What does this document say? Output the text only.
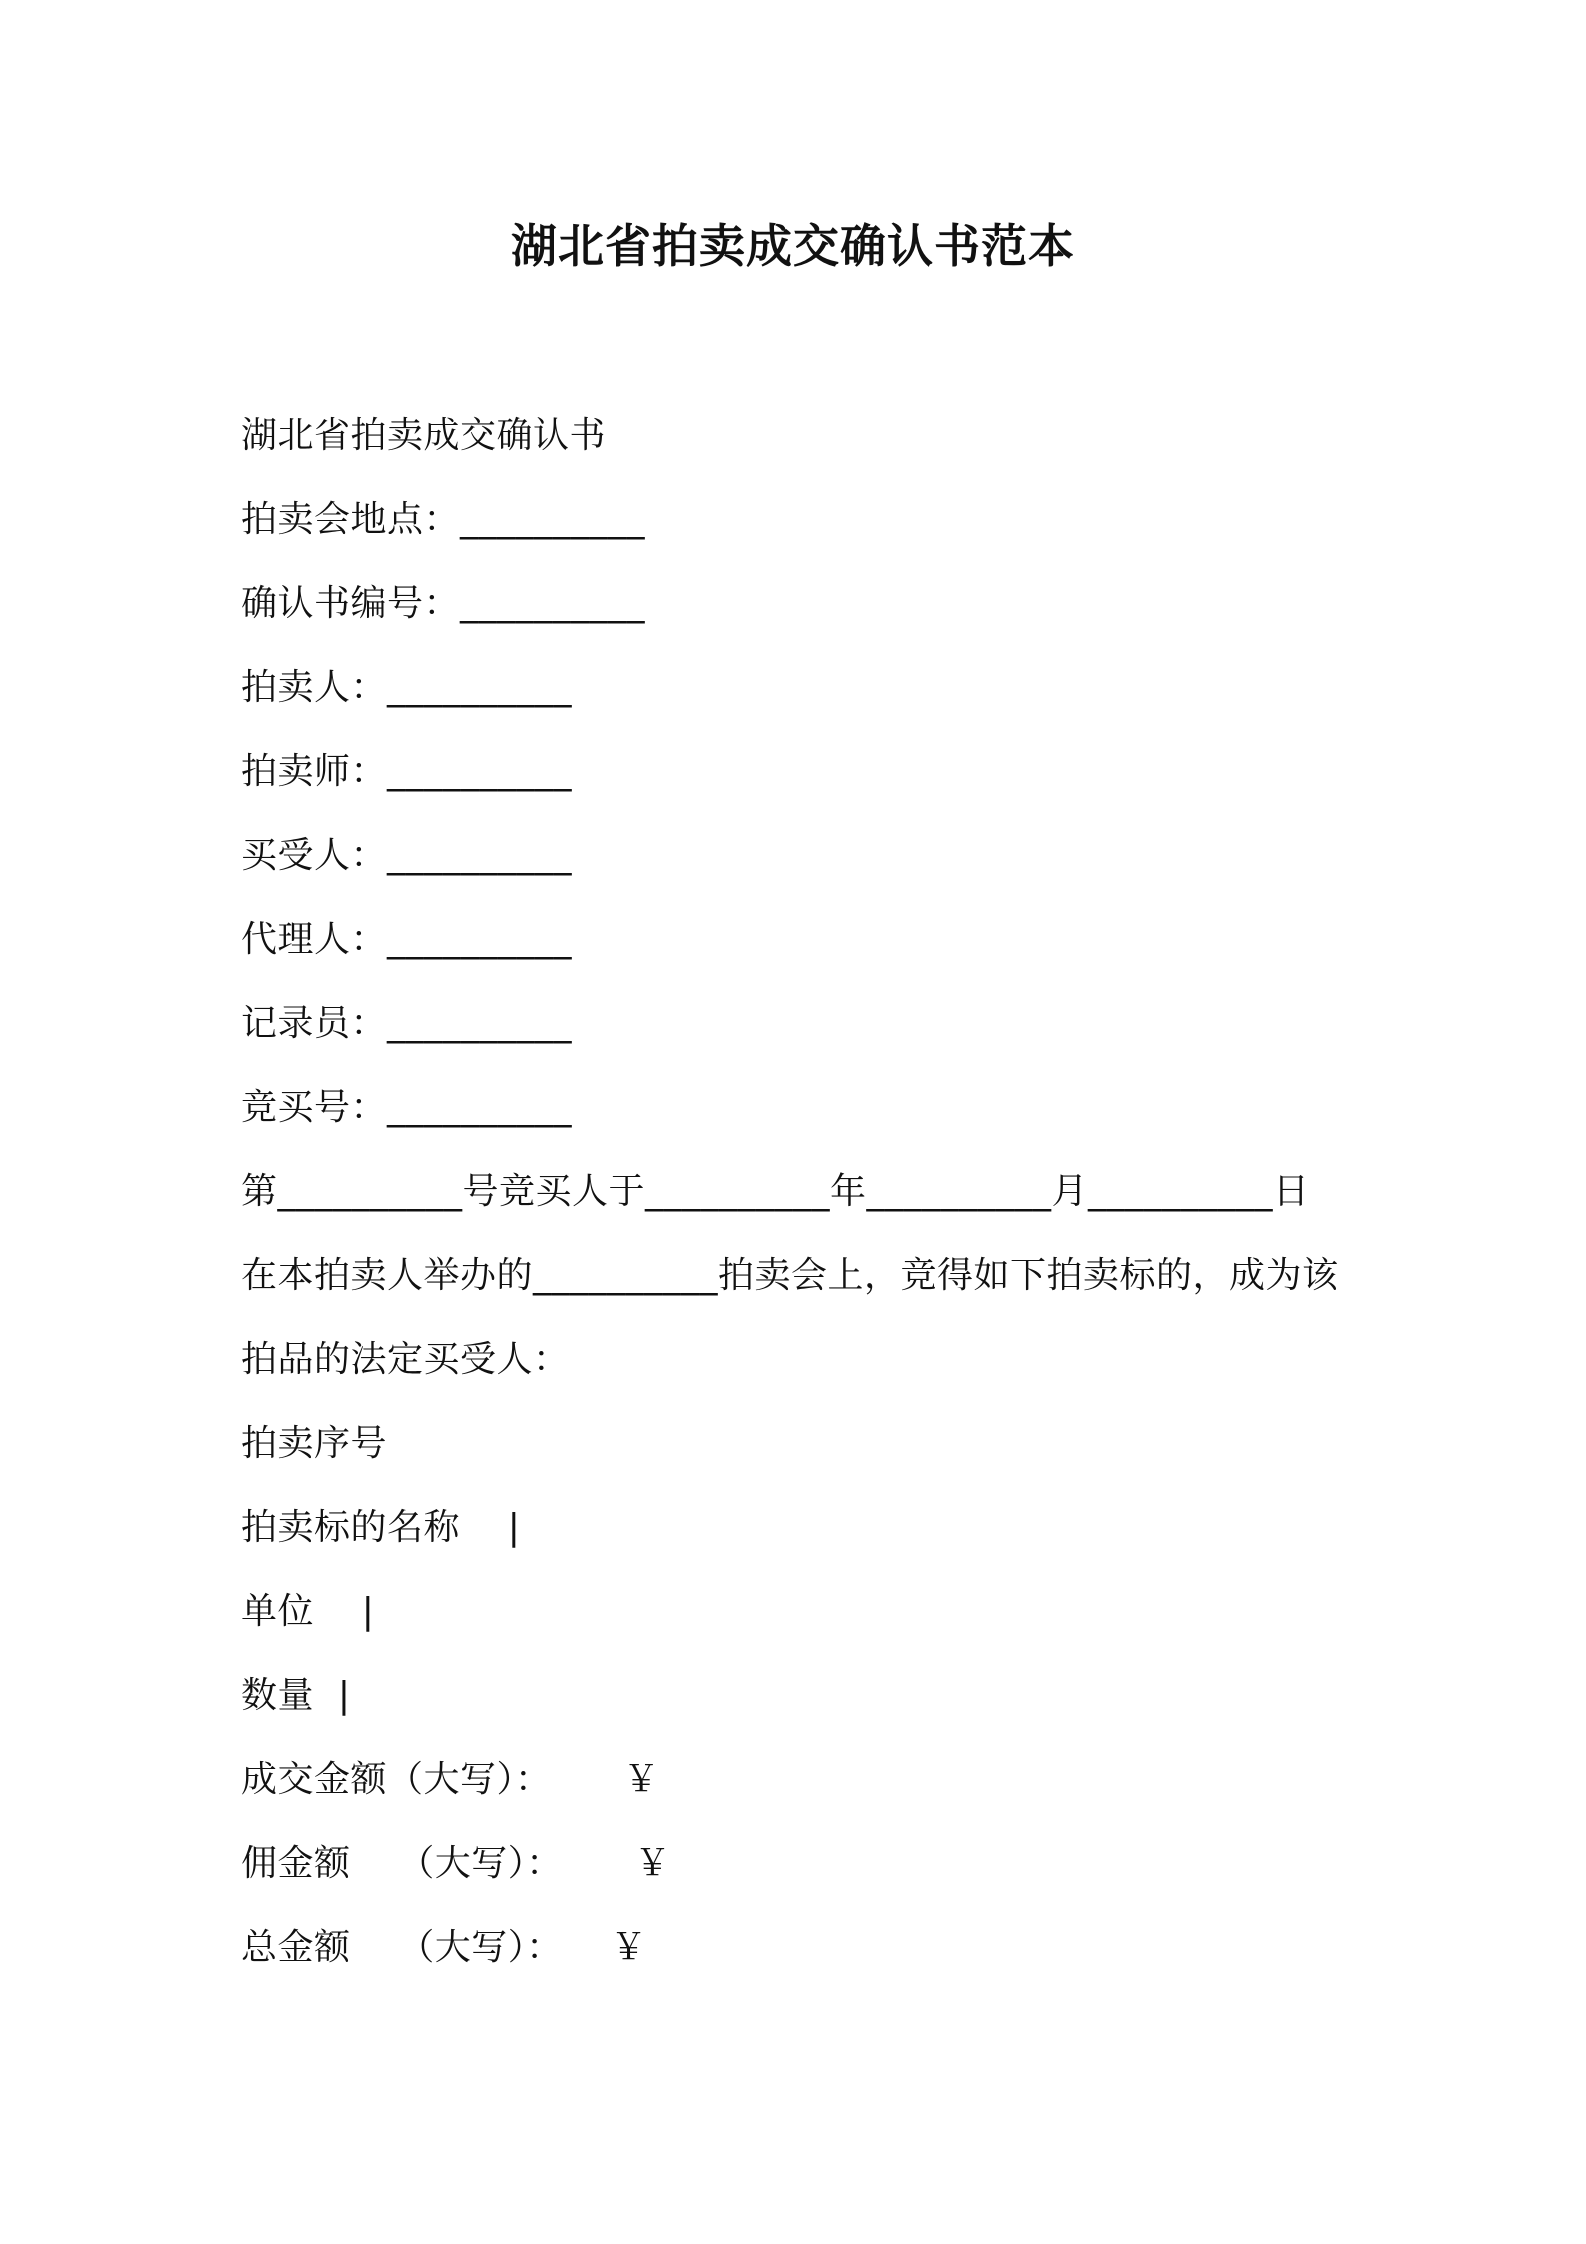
湖北省拍卖成交确认书范本
湖北省拍卖成交确认书
拍卖会地点：__________
确认书编号：__________
拍卖人：__________
拍卖师：__________
买受人：__________
代理人：__________
记录员：__________
竞买号：__________
第__________号竞买人于__________年__________月__________日
在本拍卖人举办的__________拍卖会上，竞得如下拍卖标的，成为该
拍品的法定买受人：
拍卖序号
拍卖标的名称    |
单位    |
数量  |
成交金额（大写）：      ￥
佣金额    （大写）：      ￥
总金额    （大写）：    ￥
